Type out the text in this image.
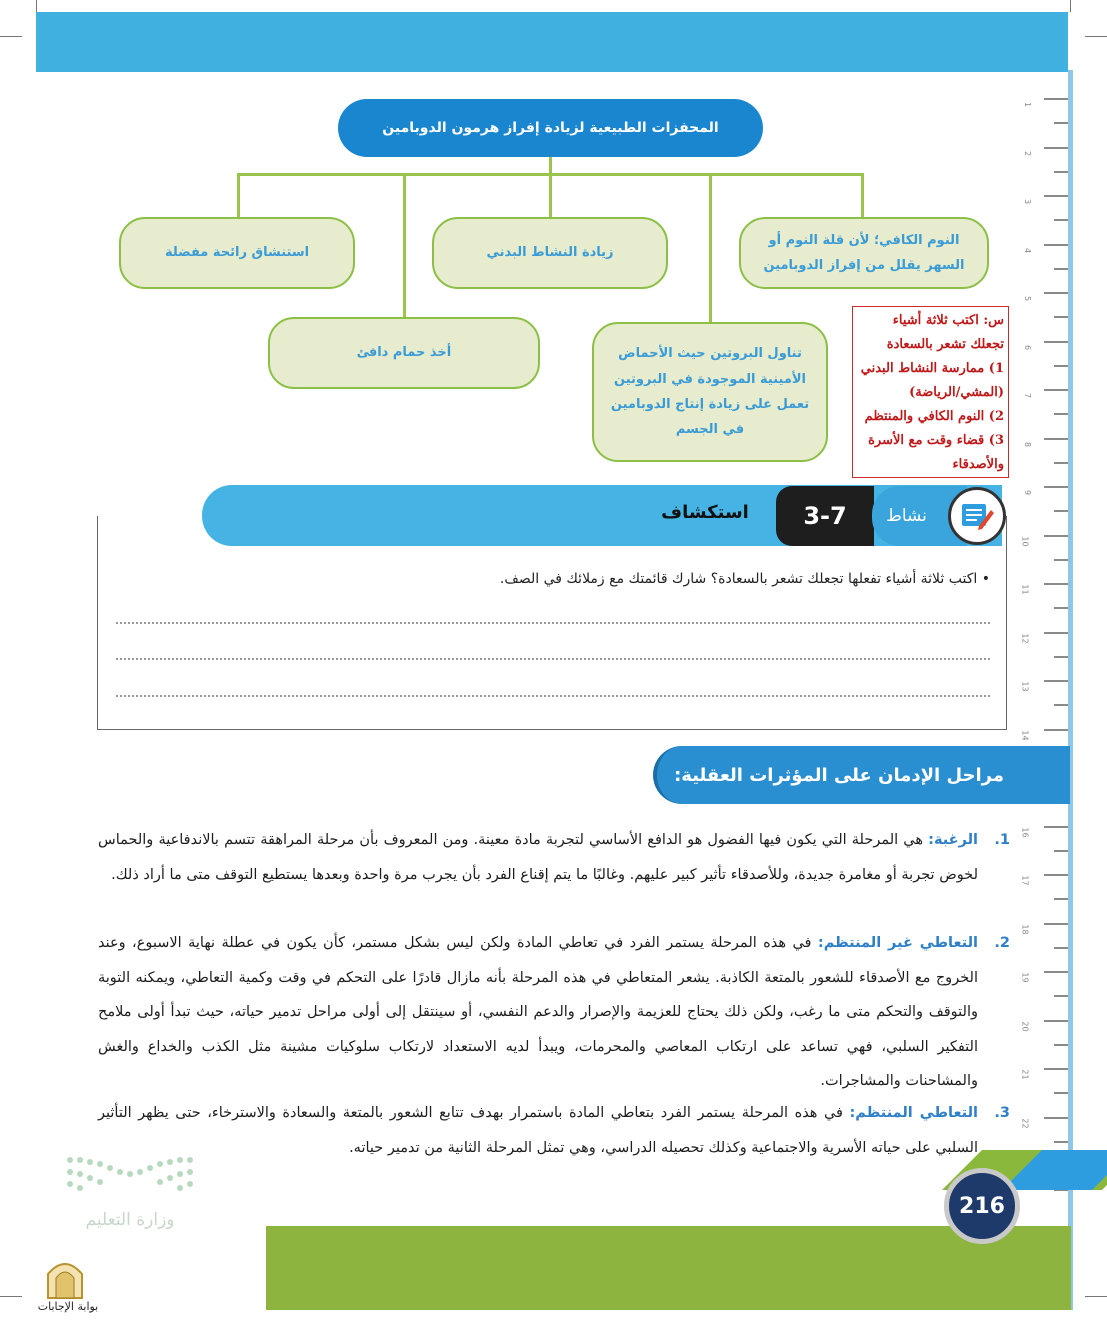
1
2
3
4
5
6
7
8
9
10
11
12
13
14
16
17
18
19
20
21
22
المحفزات الطبيعية لزيادة إفراز هرمون الدوبامين
النوم الكافي؛ لأن قلة النوم أو السهر يقلل من إفراز الدوبامين
زيادة النشاط البدني
استنشاق رائحة مفضلة
تناول البروتين حيث الأحماض الأمينية الموجودة في البروتين تعمل على زيادة إنتاج الدوبامين في الجسم
أخذ حمام دافئ
س: اكتب ثلاثة أشياء تجعلك تشعر بالسعادة
1) ممارسة النشاط البدني (المشي/الرياضة)
2) النوم الكافي والمنتظم
3) قضاء وقت مع الأسرة والأصدقاء
استكشاف	3-7	نشاط
• اكتب ثلاثة أشياء تفعلها تجعلك تشعر بالسعادة؟ شارك قائمتك مع زملائك في الصف.
مراحل الإدمان على المؤثرات العقلية:
1.
الرغبة: هي المرحلة التي يكون فيها الفضول هو الدافع الأساسي لتجربة مادة معينة. ومن المعروف بأن مرحلة المراهقة تتسم بالاندفاعية والحماس لخوض تجربة أو مغامرة جديدة، وللأصدقاء تأثير كبير عليهم. وغالبًا ما يتم إقناع الفرد بأن يجرب مرة واحدة وبعدها يستطيع التوقف متى ما أراد ذلك.
2.
التعاطي غير المنتظم: في هذه المرحلة يستمر الفرد في تعاطي المادة ولكن ليس بشكل مستمر، كأن يكون في عطلة نهاية الاسبوع، وعند الخروج مع الأصدقاء للشعور بالمتعة الكاذبة. يشعر المتعاطي في هذه المرحلة بأنه مازال قادرًا على التحكم في وقت وكمية التعاطي، ويمكنه التوبة والتوقف والتحكم متى ما رغب، ولكن ذلك يحتاج للعزيمة والإصرار والدعم النفسي، أو سينتقل إلى أولى مراحل تدمير حياته، حيث تبدأ أولى ملامح التفكير السلبي، فهي تساعد على ارتكاب المعاصي والمحرمات، ويبدأ لديه الاستعداد لارتكاب سلوكيات مشينة مثل الكذب والخداع والغش والمشاحنات والمشاجرات.
3.
التعاطي المنتظم: في هذه المرحلة يستمر الفرد بتعاطي المادة باستمرار بهدف تتابع الشعور بالمتعة والسعادة والاسترخاء، حتى يظهر التأثير السلبي على حياته الأسرية والاجتماعية وكذلك تحصيله الدراسي، وهي تمثل المرحلة الثانية من تدمير حياته.
216
وزارة التعليم
بوابة الإجابات
